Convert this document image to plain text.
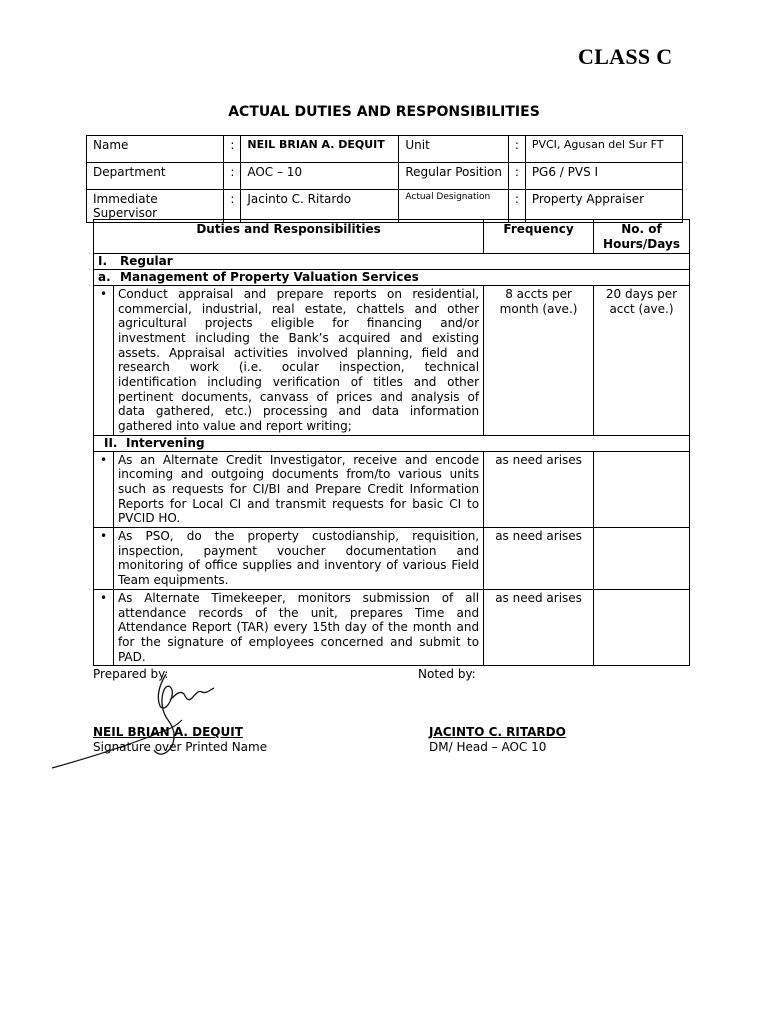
CLASS C
ACTUAL DUTIES AND RESPONSIBILITIES
Name	:	NEIL BRIAN A. DEQUIT	Unit	:	PVCI, Agusan del Sur FT
Department	:	AOC – 10	Regular Position	:	PG6 / PVS I
Immediate Supervisor	:	Jacinto C. Ritardo	Actual Designation	:	Property Appraiser
Duties and Responsibilities		Frequency	No. of Hours/Days
I. Regular			
a. Management of Property Valuation Services			
•	Conduct appraisal and prepare reports on residential, commercial, industrial, real estate, chattels and other agricultural projects eligible for financing and/or investment including the Bank’s acquired and existing assets. Appraisal activities involved planning, field and research work (i.e. ocular inspection, technical identification including verification of titles and other pertinent documents, canvass of prices and analysis of data gathered, etc.) processing and data information gathered into value and report writing;	8 accts per month (ave.)	20 days per acct (ave.)
II. Intervening			
•	As an Alternate Credit Investigator, receive and encode incoming and outgoing documents from/to various units such as requests for CI/BI and Prepare Credit Information Reports for Local CI and transmit requests for basic CI to PVCID HO.	as need arises	
•	As PSO, do the property custodianship, requisition, inspection, payment voucher documentation and monitoring of office supplies and inventory of various Field Team equipments.	as need arises	
•	As Alternate Timekeeper, monitors submission of all attendance records of the unit, prepares Time and Attendance Report (TAR) every 15th day of the month and for the signature of employees concerned and submit to PAD.	as need arises	
Prepared by:	Noted by:
NEIL BRIAN A. DEQUIT
Signature over Printed Name
JACINTO C. RITARDO
DM/ Head – AOC 10
